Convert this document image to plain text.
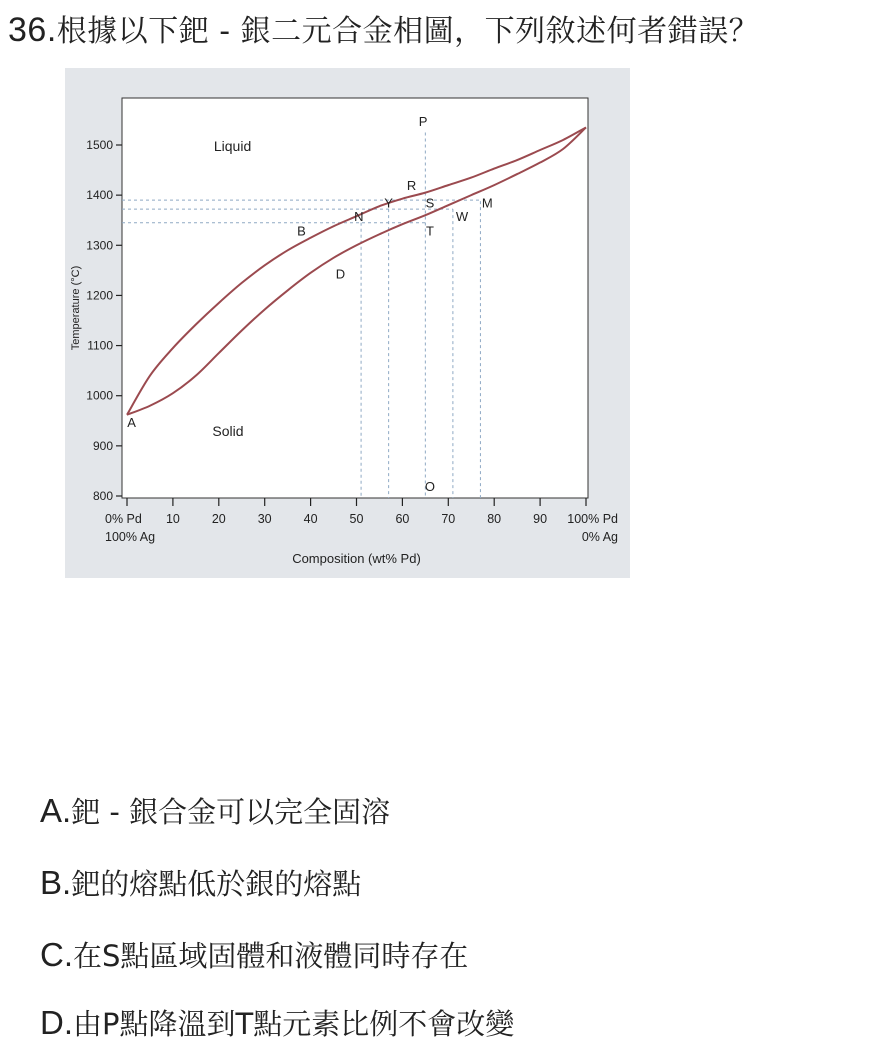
36.根據以下鈀 - 銀二元合金相圖，下列敘述何者錯誤？
0% Pd
100% Ag
10	20	30	40	50	60	70	80	90 100% Pd
0% Ag
800
900
1000
1100
1200
1300
1400
1500	Liquid
Solid
A
B
D
N
Y
R
S
T
W
M
P
O
Composition (wt% Pd)
Temperature (°C)
A.鈀 - 銀合金可以完全固溶
B.鈀的熔點低於銀的熔點
C.在S點區域固體和液體同時存在
D.由P點降溫到T點元素比例不會改變
